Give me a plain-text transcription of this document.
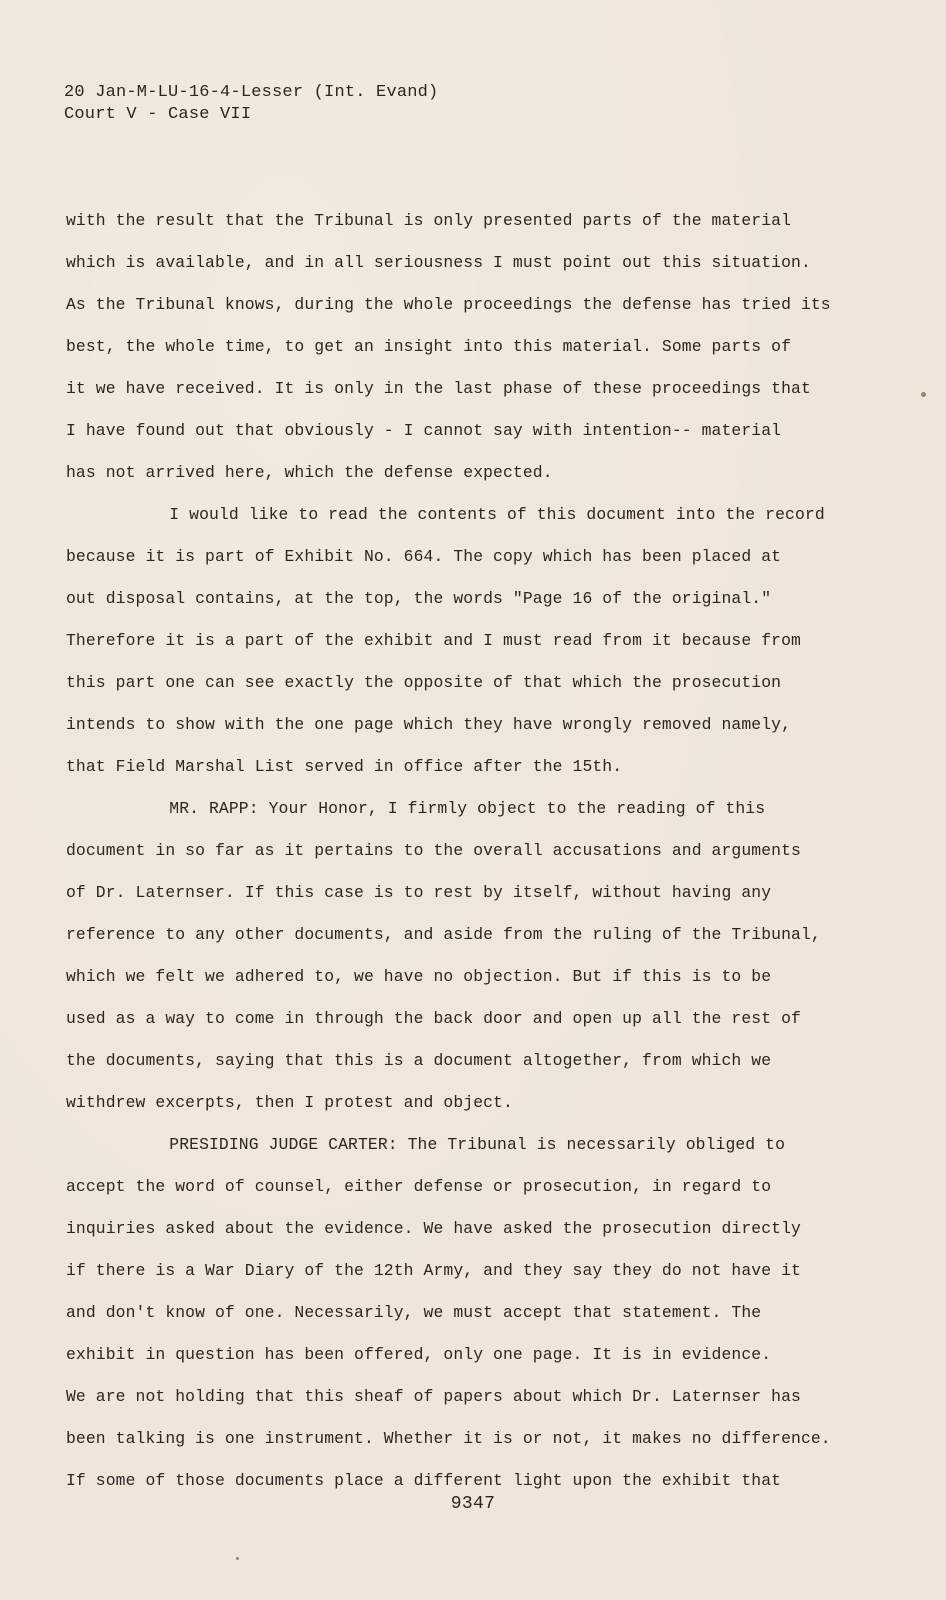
20 Jan-M-LU-16-4-Lesser (Int. Evand)
Court V - Case VII
with the result that the Tribunal is only presented parts of the material
which is available, and in all seriousness I must point out this situation.
As the Tribunal knows, during the whole proceedings the defense has tried its
best, the whole time, to get an insight into this material. Some parts of
it we have received. It is only in the last phase of these proceedings that
I have found out that obviously - I cannot say with intention-- material
has not arrived here, which the defense expected.
I would like to read the contents of this document into the record
because it is part of Exhibit No. 664. The copy which has been placed at
out disposal contains, at the top, the words "Page 16 of the original."
Therefore it is a part of the exhibit and I must read from it because from
this part one can see exactly the opposite of that which the prosecution
intends to show with the one page which they have wrongly removed namely,
that Field Marshal List served in office after the 15th.
MR. RAPP: Your Honor, I firmly object to the reading of this
document in so far as it pertains to the overall accusations and arguments
of Dr. Laternser. If this case is to rest by itself, without having any
reference to any other documents, and aside from the ruling of the Tribunal,
which we felt we adhered to, we have no objection. But if this is to be
used as a way to come in through the back door and open up all the rest of
the documents, saying that this is a document altogether, from which we
withdrew excerpts, then I protest and object.
PRESIDING JUDGE CARTER: The Tribunal is necessarily obliged to
accept the word of counsel, either defense or prosecution, in regard to
inquiries asked about the evidence. We have asked the prosecution directly
if there is a War Diary of the 12th Army, and they say they do not have it
and don't know of one. Necessarily, we must accept that statement. The
exhibit in question has been offered, only one page. It is in evidence.
We are not holding that this sheaf of papers about which Dr. Laternser has
been talking is one instrument. Whether it is or not, it makes no difference.
If some of those documents place a different light upon the exhibit that
9347
